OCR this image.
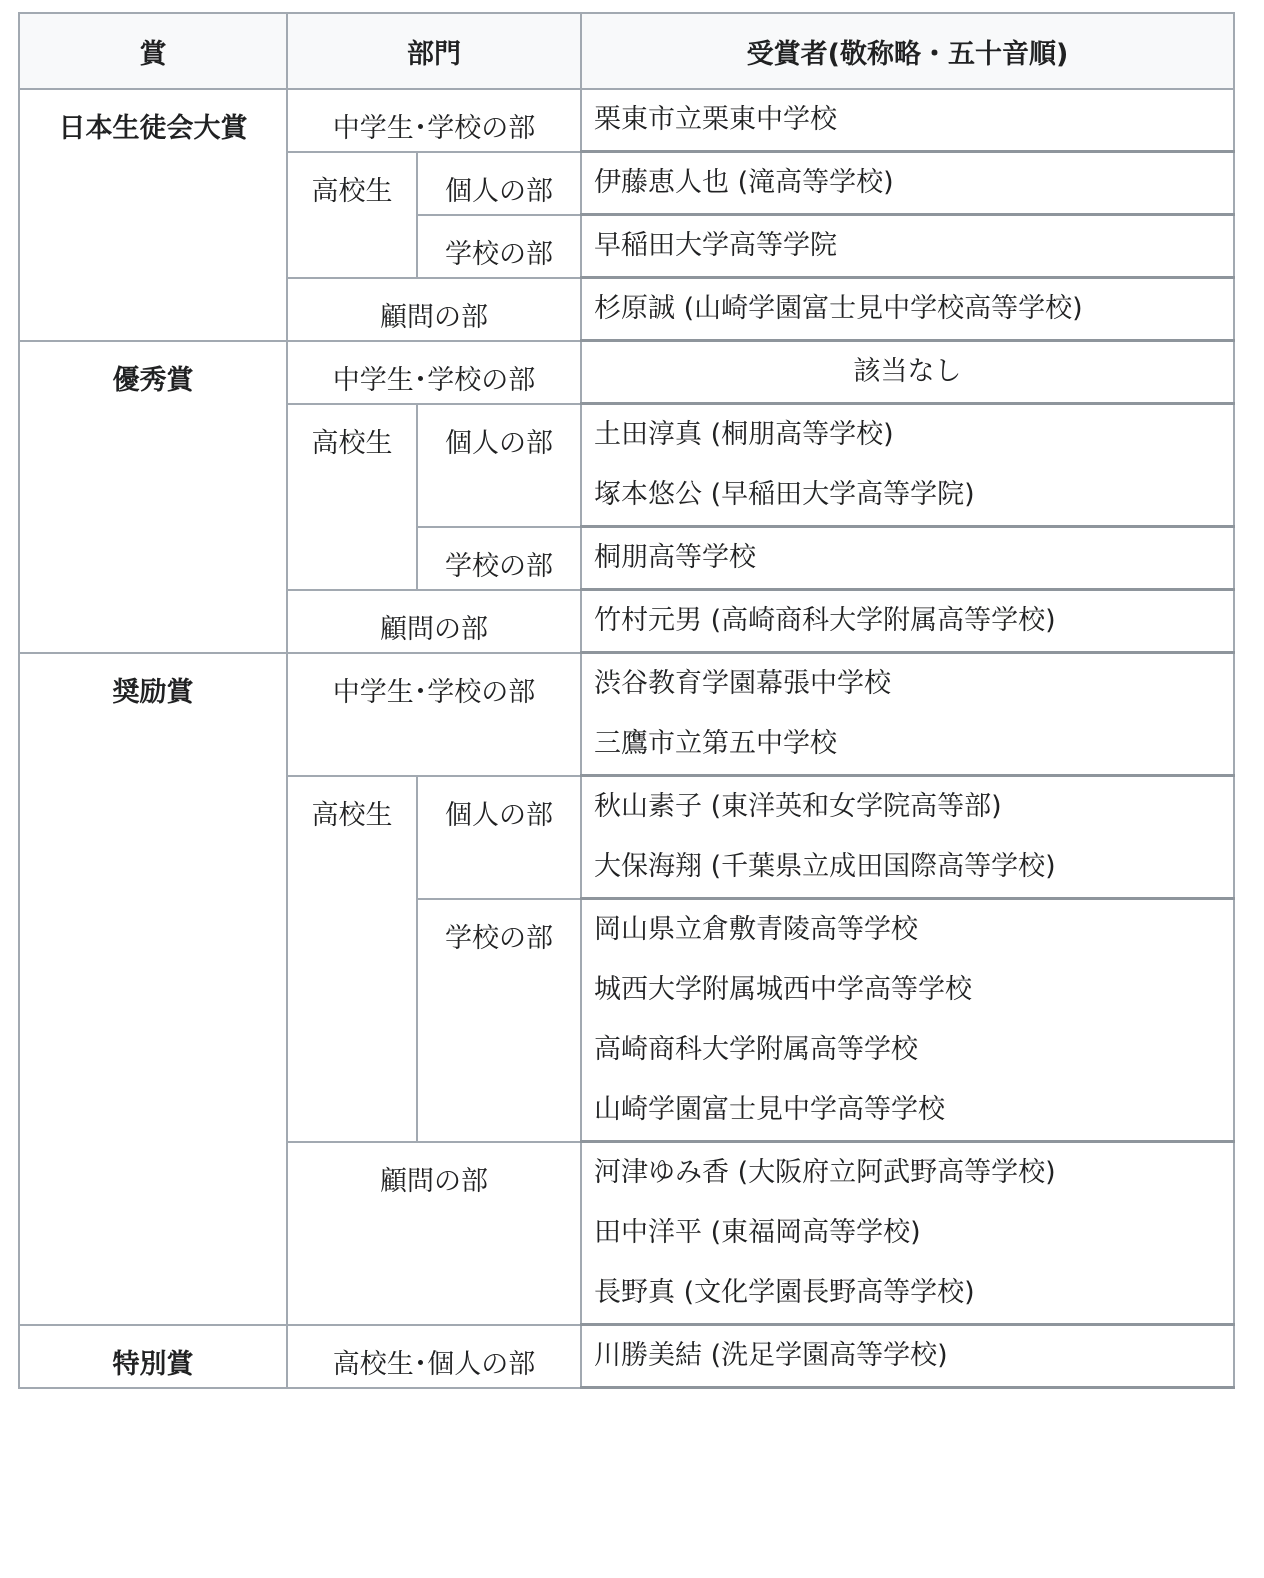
賞	部門		受賞者(敬称略・五十音順)
日本生徒会大賞	中学生･学校の部		栗東市立栗東中学校

	高校生	個人の部	伊藤恵人也 (滝高等学校)

		学校の部	早稲田大学高等学院

	顧問の部		杉原誠 (山崎学園富士見中学校高等学校)

優秀賞	中学生･学校の部		該当なし

	高校生	個人の部	土田淳真 (桐朋高等学校)
塚本悠公 (早稲田大学高等学院)

		学校の部	桐朋高等学校

	顧問の部		竹村元男 (高崎商科大学附属高等学校)

奨励賞	中学生･学校の部		渋谷教育学園幕張中学校
三鷹市立第五中学校

	高校生	個人の部	秋山素子 (東洋英和女学院高等部)
大保海翔 (千葉県立成田国際高等学校)

		学校の部	岡山県立倉敷青陵高等学校
城西大学附属城西中学高等学校
高崎商科大学附属高等学校
山崎学園富士見中学高等学校

	顧問の部		河津ゆみ香 (大阪府立阿武野高等学校)
田中洋平 (東福岡高等学校)
長野真 (文化学園長野高等学校)

特別賞	高校生･個人の部		川勝美結 (洗足学園高等学校)
